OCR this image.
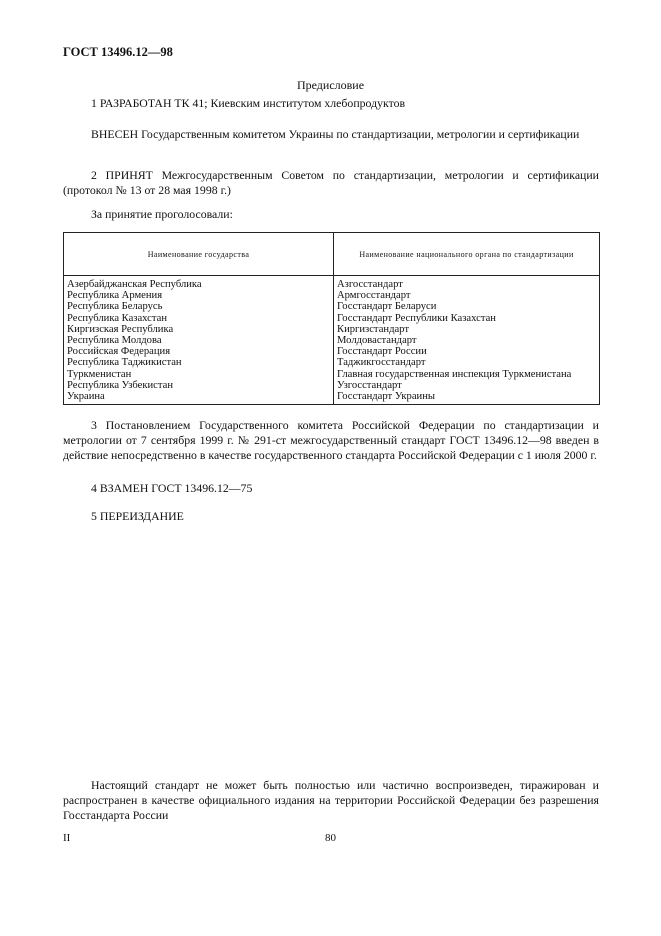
ГОСТ 13496.12—98
Предисловие

1 РАЗРАБОТАН ТК 41; Киевским институтом хлебопродуктов

ВНЕСЕН Государственным комитетом Украины по стандартизации, метрологии и сертификации

2 ПРИНЯТ Межгосударственным Советом по стандартизации, метрологии и сертификации (протокол № 13 от 28 мая 1998 г.)

За принятие проголосовали:

Наименование государства	Наименование национального органа по стандартизации
Азербайджанская Республика	Азгосстандарт
Республика Армения	Армгосстандарт
Республика Беларусь	Госстандарт Беларуси
Республика Казахстан	Госстандарт Республики Казахстан
Киргизская Республика	Киргизстандарт
Республика Молдова	Молдовастандарт
Российская Федерация	Госстандарт России
Республика Таджикистан	Таджикгосстандарт
Туркменистан	Главная государственная инспекция Туркменистана
Республика Узбекистан	Узгосстандарт
Украина	Госстандарт Украины

3 Постановлением Государственного комитета Российской Федерации по стандартизации и метрологии от 7 сентября 1999 г. № 291-ст межгосударственный стандарт ГОСТ 13496.12—98 введен в действие непосредственно в качестве государственного стандарта Российской Федерации с 1 июля 2000 г.

4 ВЗАМЕН ГОСТ 13496.12—75

5 ПЕРЕИЗДАНИЕ

Настоящий стандарт не может быть полностью или частично воспроизведен, тиражирован и распространен в качестве официального издания на территории Российской Федерации без разрешения Госстандарта России

II	80
